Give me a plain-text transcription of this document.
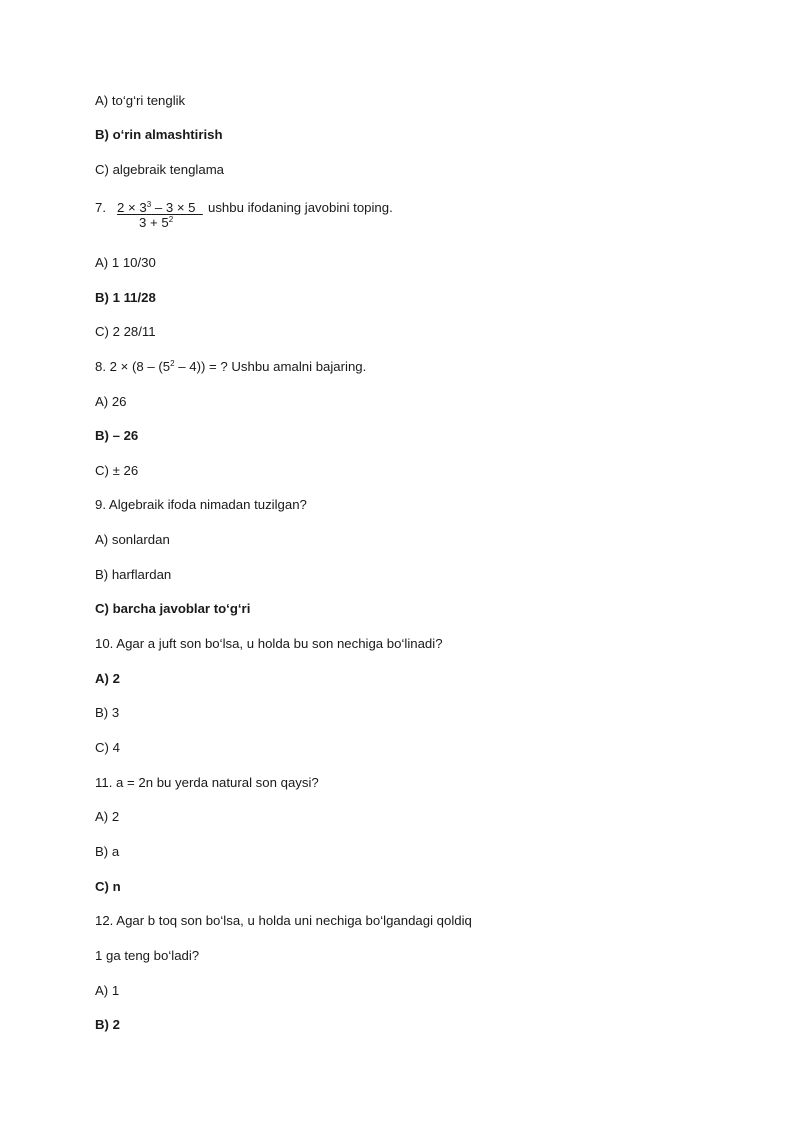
A) to‘g‘ri tenglik
B) o‘rin almashtirish
C) algebraik tenglama
7. $2 \times 3^3 - 3 \times 5$
$3 + 5^2$
ushbu ifodaning javobini toping.
A) 1 10/30
B) 1 11/28
C) 2 28/11
8. $2 \times (8 - (5^2 - 4))$ = ? Ushbu amalni bajaring.
A) 26
B) – 26
C) ± 26
9. Algebraik ifoda nimadan tuzilgan?
A) sonlardan
B) harflardan
C) barcha javoblar to‘g‘ri
10. Agar a juft son bo‘lsa, u holda bu son nechiga bo‘linadi?
A) 2
B) 3
C) 4
11. a = 2n bu yerda natural son qaysi?
A) 2
B) a
C) n
12. Agar b toq son bo‘lsa, u holda uni nechiga bo‘lgandagi qoldiq
1 ga teng bo‘ladi?
A) 1
B) 2
